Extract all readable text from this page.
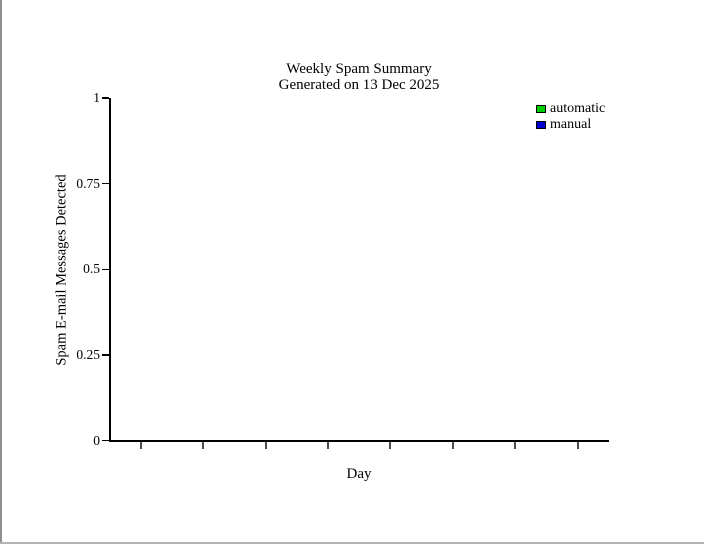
Weekly Spam Summary
Generated on 13 Dec 2025
automatic
manual
0
0.25
0.5
0.75
1
Day
Spam E-mail Messages Detected
